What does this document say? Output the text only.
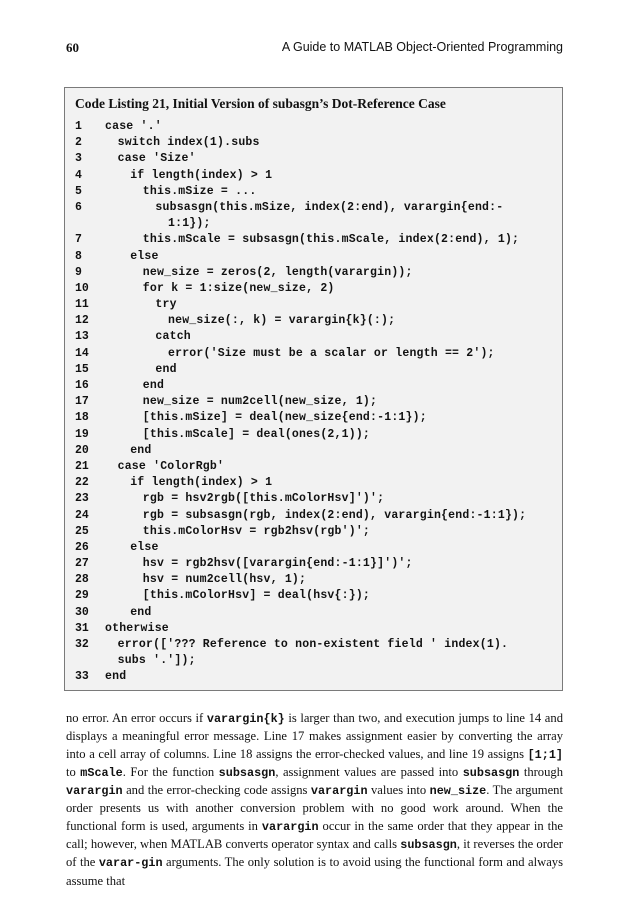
60	A Guide to MATLAB Object-Oriented Programming
Code Listing 21, Initial Version of subasgn’s Dot-Reference Case
1 case '.'
2	switch index(1).subs
3	case 'Size'
4	if length(index) > 1
5	this.mSize = ...
6	subsasgn(this.mSize, index(2:end), varargin{end:-
1:1});
7	this.mScale = subsasgn(this.mScale, index(2:end), 1);
8	else
9	new_size = zeros(2, length(varargin));
10	for k = 1:size(new_size, 2)
11	try
12	new_size(:, k) = varargin{k}(:);
13	catch
14	error('Size must be a scalar or length == 2');
15	end
16	end
17	new_size = num2cell(new_size, 1);
18	[this.mSize] = deal(new_size{end:-1:1});
19	[this.mScale] = deal(ones(2,1));
20	end
21	case 'ColorRgb'
22	if length(index) > 1
23	rgb = hsv2rgb([this.mColorHsv]')';
24	rgb = subsasgn(rgb, index(2:end), varargin{end:-1:1});
25	this.mColorHsv = rgb2hsv(rgb')';
26	else
27	hsv = rgb2hsv([varargin{end:-1:1}]')';
28	hsv = num2cell(hsv, 1);
29	[this.mColorHsv] = deal(hsv{:});
30	end
31 otherwise
32	error(['??? Reference to non-existent field ' index(1).
subs '.']);
33 end
no error. An error occurs if varargin{k} is larger than two, and execution jumps to line 14 and displays a meaningful error message. Line 17 makes assignment easier by converting the array into a cell array of columns. Line 18 assigns the error-checked values, and line 19 assigns [1;1] to mScale. For the function subsasgn, assignment values are passed into subsasgn through varargin and the error-checking code assigns varargin values into new_size. The argument order presents us with another conversion problem with no good work around. When the functional form is used, arguments in varargin occur in the same order that they appear in the call; however, when MATLAB converts operator syntax and calls subsasgn, it reverses the order of the varar-gin arguments. The only solution is to avoid using the functional form and always assume that
